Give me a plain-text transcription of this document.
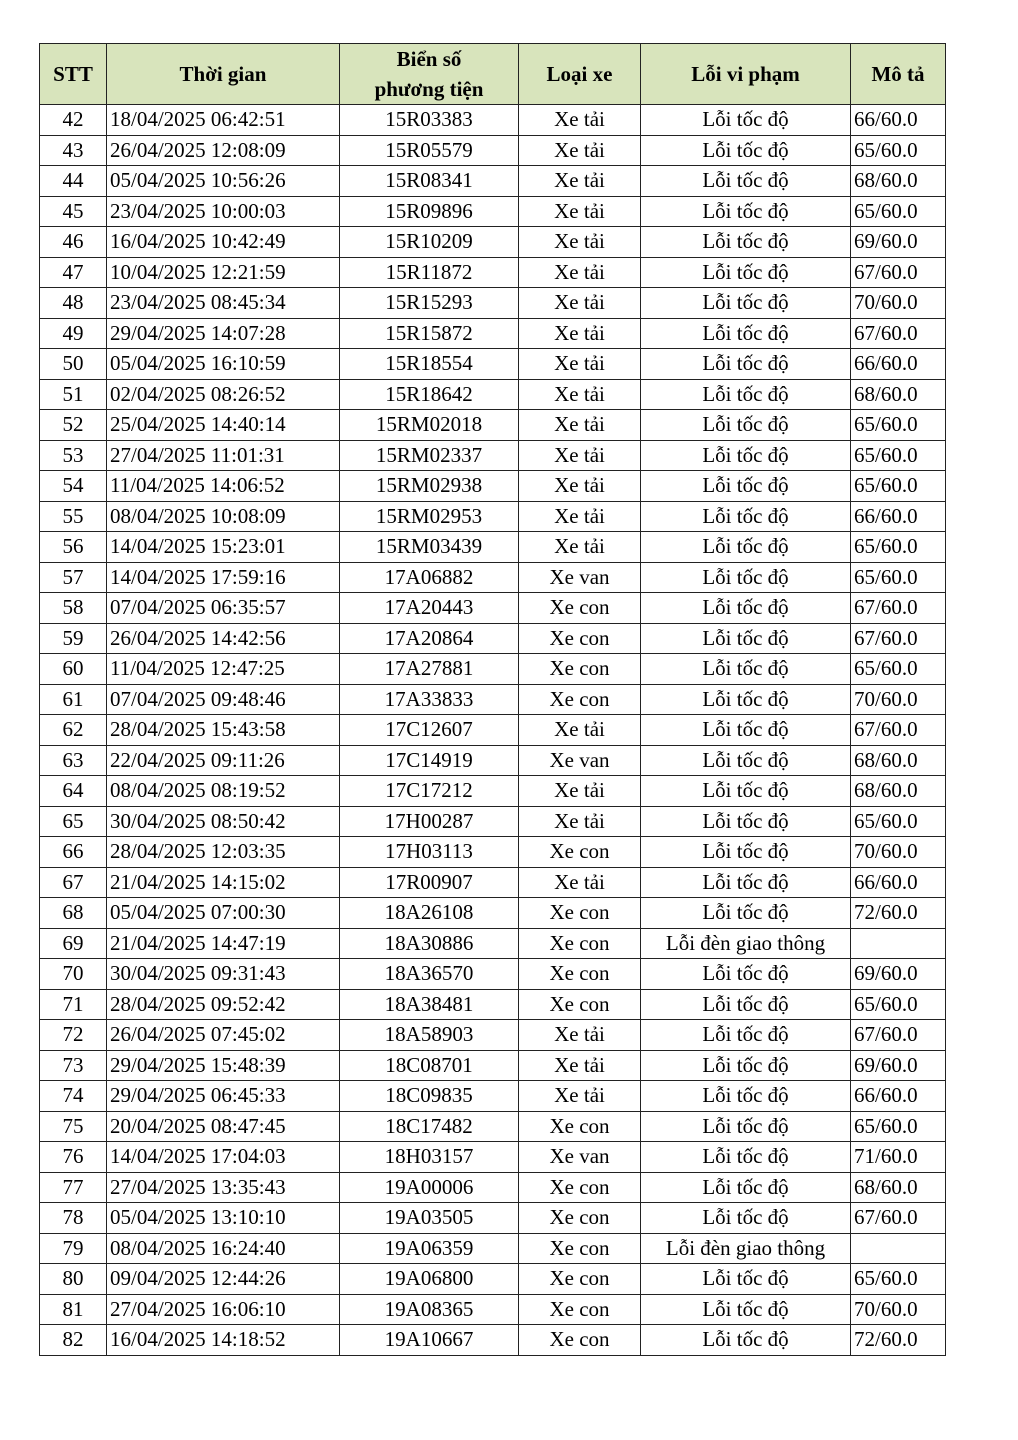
STT	Thời gian	Biển số
phương tiện	Loại xe	Lỗi vi phạm	Mô tả
42	18/04/2025 06:42:51	15R03383	Xe tải	Lỗi tốc độ	66/60.0
43	26/04/2025 12:08:09	15R05579	Xe tải	Lỗi tốc độ	65/60.0
44	05/04/2025 10:56:26	15R08341	Xe tải	Lỗi tốc độ	68/60.0
45	23/04/2025 10:00:03	15R09896	Xe tải	Lỗi tốc độ	65/60.0
46	16/04/2025 10:42:49	15R10209	Xe tải	Lỗi tốc độ	69/60.0
47	10/04/2025 12:21:59	15R11872	Xe tải	Lỗi tốc độ	67/60.0
48	23/04/2025 08:45:34	15R15293	Xe tải	Lỗi tốc độ	70/60.0
49	29/04/2025 14:07:28	15R15872	Xe tải	Lỗi tốc độ	67/60.0
50	05/04/2025 16:10:59	15R18554	Xe tải	Lỗi tốc độ	66/60.0
51	02/04/2025 08:26:52	15R18642	Xe tải	Lỗi tốc độ	68/60.0
52	25/04/2025 14:40:14	15RM02018	Xe tải	Lỗi tốc độ	65/60.0
53	27/04/2025 11:01:31	15RM02337	Xe tải	Lỗi tốc độ	65/60.0
54	11/04/2025 14:06:52	15RM02938	Xe tải	Lỗi tốc độ	65/60.0
55	08/04/2025 10:08:09	15RM02953	Xe tải	Lỗi tốc độ	66/60.0
56	14/04/2025 15:23:01	15RM03439	Xe tải	Lỗi tốc độ	65/60.0
57	14/04/2025 17:59:16	17A06882	Xe van	Lỗi tốc độ	65/60.0
58	07/04/2025 06:35:57	17A20443	Xe con	Lỗi tốc độ	67/60.0
59	26/04/2025 14:42:56	17A20864	Xe con	Lỗi tốc độ	67/60.0
60	11/04/2025 12:47:25	17A27881	Xe con	Lỗi tốc độ	65/60.0
61	07/04/2025 09:48:46	17A33833	Xe con	Lỗi tốc độ	70/60.0
62	28/04/2025 15:43:58	17C12607	Xe tải	Lỗi tốc độ	67/60.0
63	22/04/2025 09:11:26	17C14919	Xe van	Lỗi tốc độ	68/60.0
64	08/04/2025 08:19:52	17C17212	Xe tải	Lỗi tốc độ	68/60.0
65	30/04/2025 08:50:42	17H00287	Xe tải	Lỗi tốc độ	65/60.0
66	28/04/2025 12:03:35	17H03113	Xe con	Lỗi tốc độ	70/60.0
67	21/04/2025 14:15:02	17R00907	Xe tải	Lỗi tốc độ	66/60.0
68	05/04/2025 07:00:30	18A26108	Xe con	Lỗi tốc độ	72/60.0
69	21/04/2025 14:47:19	18A30886	Xe con	Lỗi đèn giao thông	
70	30/04/2025 09:31:43	18A36570	Xe con	Lỗi tốc độ	69/60.0
71	28/04/2025 09:52:42	18A38481	Xe con	Lỗi tốc độ	65/60.0
72	26/04/2025 07:45:02	18A58903	Xe tải	Lỗi tốc độ	67/60.0
73	29/04/2025 15:48:39	18C08701	Xe tải	Lỗi tốc độ	69/60.0
74	29/04/2025 06:45:33	18C09835	Xe tải	Lỗi tốc độ	66/60.0
75	20/04/2025 08:47:45	18C17482	Xe con	Lỗi tốc độ	65/60.0
76	14/04/2025 17:04:03	18H03157	Xe van	Lỗi tốc độ	71/60.0
77	27/04/2025 13:35:43	19A00006	Xe con	Lỗi tốc độ	68/60.0
78	05/04/2025 13:10:10	19A03505	Xe con	Lỗi tốc độ	67/60.0
79	08/04/2025 16:24:40	19A06359	Xe con	Lỗi đèn giao thông	
80	09/04/2025 12:44:26	19A06800	Xe con	Lỗi tốc độ	65/60.0
81	27/04/2025 16:06:10	19A08365	Xe con	Lỗi tốc độ	70/60.0
82	16/04/2025 14:18:52	19A10667	Xe con	Lỗi tốc độ	72/60.0
